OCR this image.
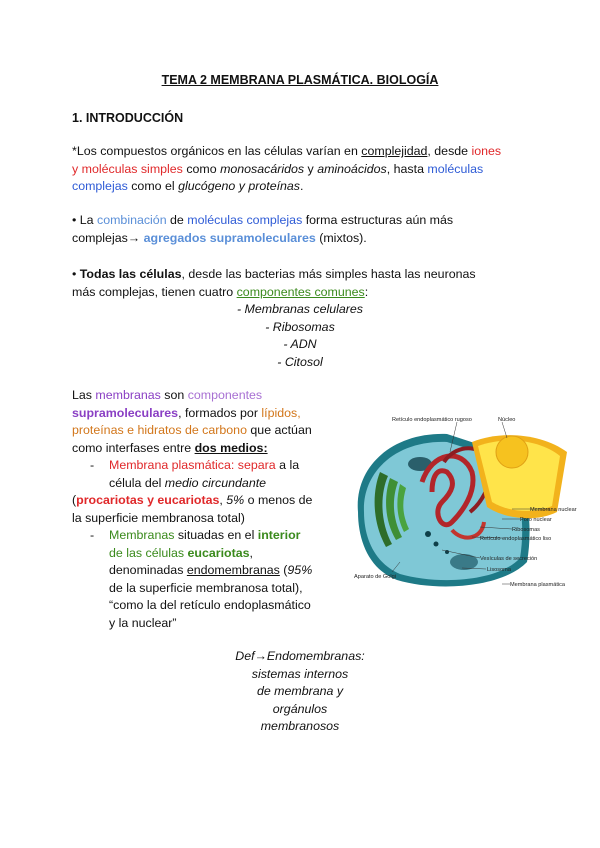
TEMA 2 MEMBRANA PLASMÁTICA. BIOLOGÍA
1. INTRODUCCIÓN
*Los compuestos orgánicos en las células varían en complejidad, desde iones
y moléculas simples como monosacáridos y aminoácidos, hasta moléculas
complejas como el glucógeno y proteínas.
• La combinación de moléculas complejas forma estructuras aún más
complejas→ agregados supramoleculares (mixtos).
• Todas las células, desde las bacterias más simples hasta las neuronas
más complejas, tienen cuatro componentes comunes:
- Membranas celulares
- Ribosomas
- ADN
- Citosol
Las membranas son componentes
supramoleculares, formados por lípidos,
proteínas e hidratos de carbono que actúan
como interfases entre dos medios:
-	Membrana plasmática: separa a la
célula del medio circundante
(procariotas y eucariotas, 5% o menos de
la superficie membranosa total)
- Membranas situadas en el interior
de las células eucariotas,
denominadas endomembranas (95%
de la superficie membranosa total),
“como la del retículo endoplasmático
y la nuclear”
Def→Endomembranas:
sistemas internos
de membrana y
orgánulos
membranosos
Retículo endoplasmático rugoso	Núcleo
Membrana nuclear
Poro nuclear
Ribosomas
Retículo endoplasmático liso
Vesículas de secreción
Lisosoma
Aparato de Golgi
Membrana plasmática
